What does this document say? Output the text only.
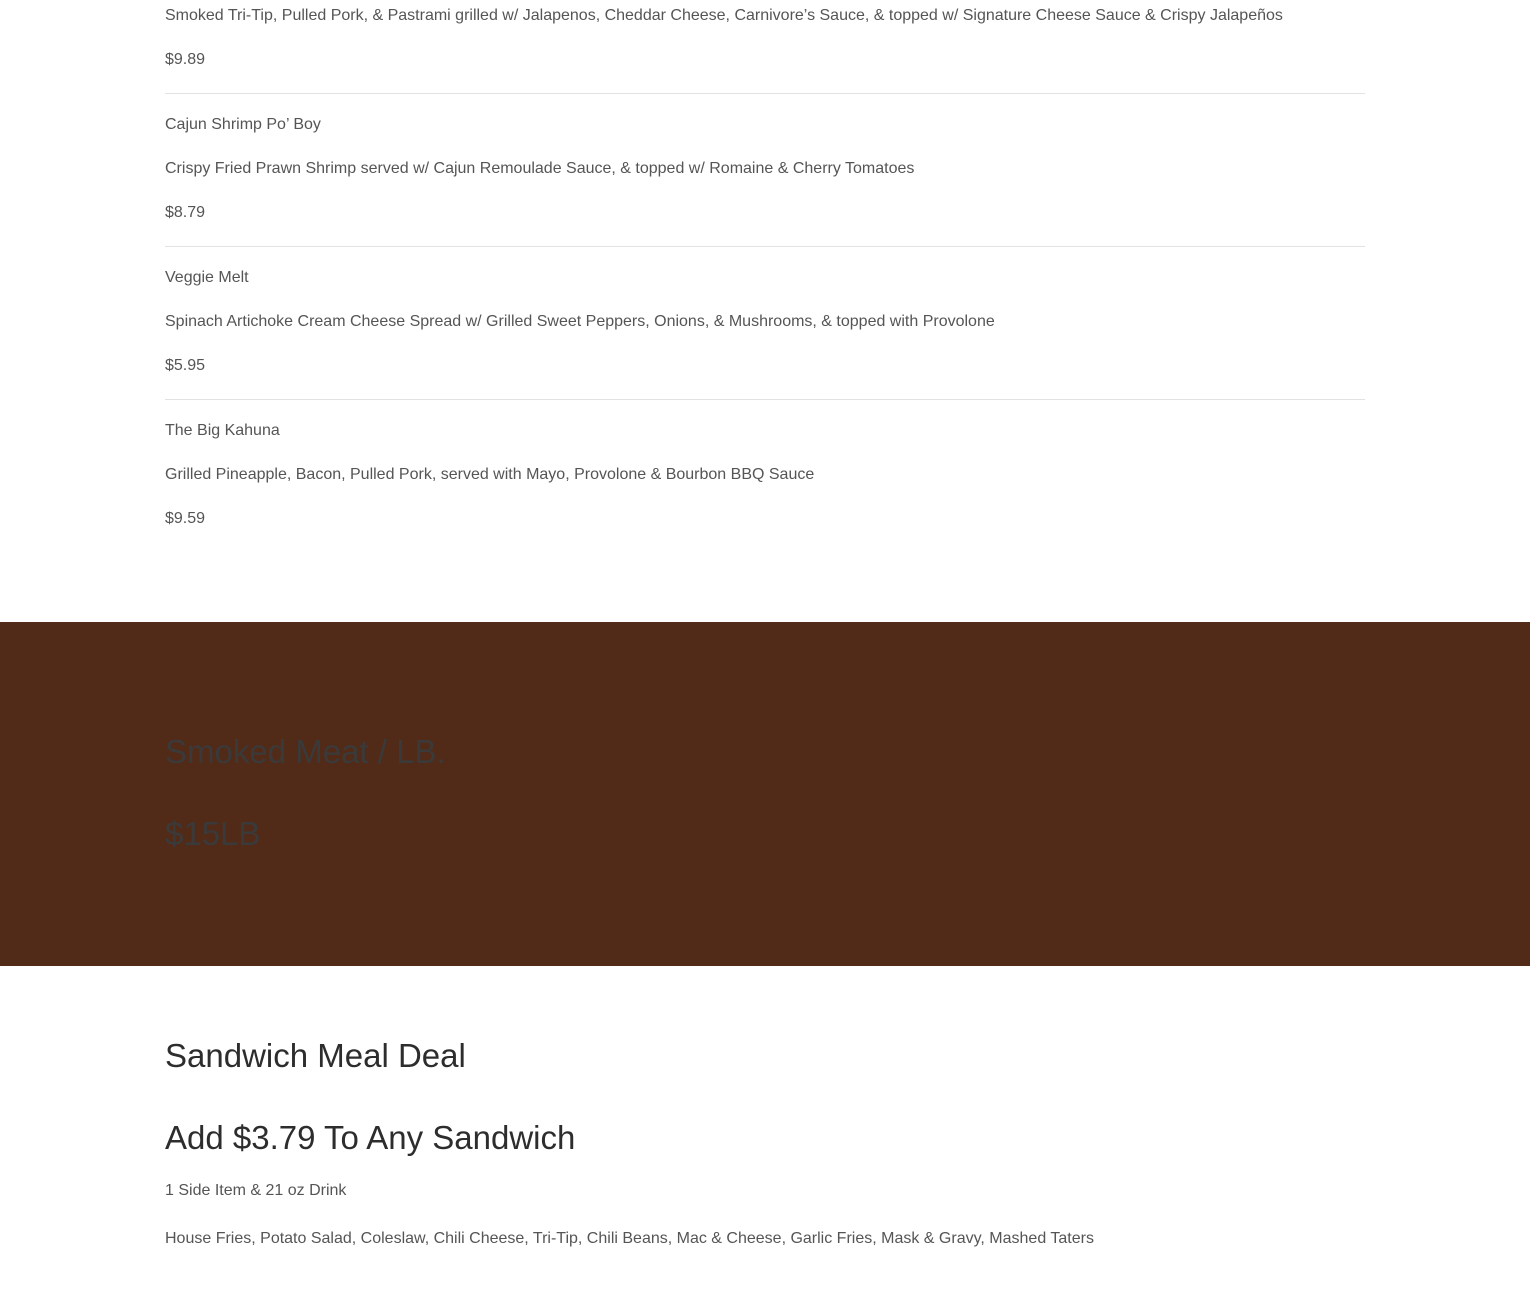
Smoked Tri-Tip, Pulled Pork, & Pastrami grilled w/ Jalapenos, Cheddar Cheese, Carnivore’s Sauce, & topped w/ Signature Cheese Sauce & Crispy Jalapeños
$9.89
Cajun Shrimp Po’ Boy
Crispy Fried Prawn Shrimp served w/ Cajun Remoulade Sauce, & topped w/ Romaine & Cherry Tomatoes
$8.79
Veggie Melt
Spinach Artichoke Cream Cheese Spread w/ Grilled Sweet Peppers, Onions, & Mushrooms, & topped with Provolone
$5.95
The Big Kahuna
Grilled Pineapple, Bacon, Pulled Pork, served with Mayo, Provolone & Bourbon BBQ Sauce
$9.59
Smoked Meat / LB.
$15LB
Sandwich Meal Deal
Add $3.79 To Any Sandwich
1 Side Item & 21 oz Drink
House Fries, Potato Salad, Coleslaw, Chili Cheese, Tri-Tip, Chili Beans, Mac & Cheese, Garlic Fries, Mask & Gravy, Mashed Taters
